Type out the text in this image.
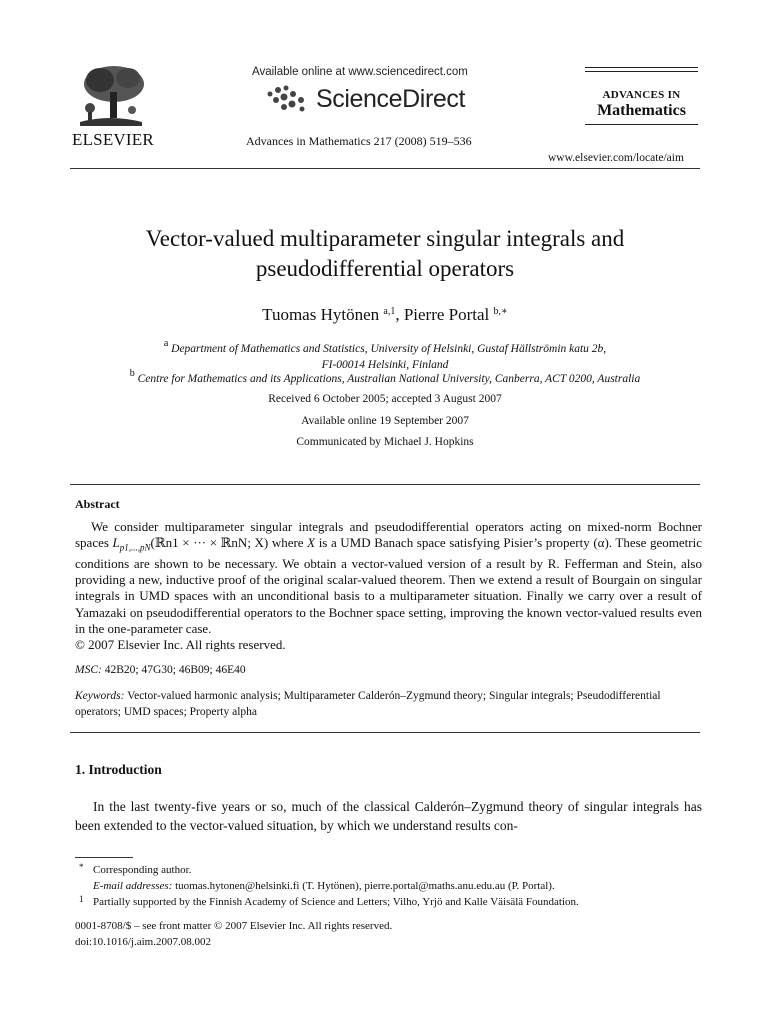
ELSEVIER
Available online at www.sciencedirect.com
ScienceDirect
Advances in Mathematics 217 (2008) 519–536
ADVANCES IN
Mathematics
www.elsevier.com/locate/aim
Vector-valued multiparameter singular integrals and
pseudodifferential operators
Tuomas Hytönen $^{a,1}$, Pierre Portal $^{b,∗}$
$^a$ Department of Mathematics and Statistics, University of Helsinki, Gustaf Hällströmin katu 2b,
FI-00014 Helsinki, Finland
$^b$ Centre for Mathematics and its Applications, Australian National University, Canberra, ACT 0200, Australia
Received 6 October 2005; accepted 3 August 2007
Available online 19 September 2007
Communicated by Michael J. Hopkins
Abstract

We consider multiparameter singular integrals and pseudodifferential operators acting on mixed-norm Bochner spaces $L_{p1,...,pN}(ℝn1$ × ··· × ℝnN; X) where X is a UMD Banach space satisfying Pisier’s property (α). These geometric conditions are shown to be necessary. We obtain a vector-valued version of a result by R. Fefferman and Stein, also providing a new, inductive proof of the original scalar-valued theorem. Then we extend a result of Bourgain on singular integrals in UMD spaces with an unconditional basis to a multiparameter situation. Finally we carry over a result of Yamazaki on pseudodifferential operators to the Bochner space setting, improving the known vector-valued results even in the one-parameter case.

© 2007 Elsevier Inc. All rights reserved.
MSC: 42B20; 47G30; 46B09; 46E40
Keywords: Vector-valued harmonic analysis; Multiparameter Calderón–Zygmund theory; Singular integrals; Pseudodifferential operators; UMD spaces; Property alpha
1. Introduction

In the last twenty-five years or so, much of the classical Calderón–Zygmund theory of singular integrals has been extended to the vector-valued situation, by which we understand results con-

* Corresponding author.
E-mail addresses: tuomas.hytonen@helsinki.fi (T. Hytönen), pierre.portal@maths.anu.edu.au (P. Portal).
1 Partially supported by the Finnish Academy of Science and Letters; Vilho, Yrjö and Kalle Väisälä Foundation.
0001-8708/$ – see front matter © 2007 Elsevier Inc. All rights reserved.
doi:10.1016/j.aim.2007.08.002
